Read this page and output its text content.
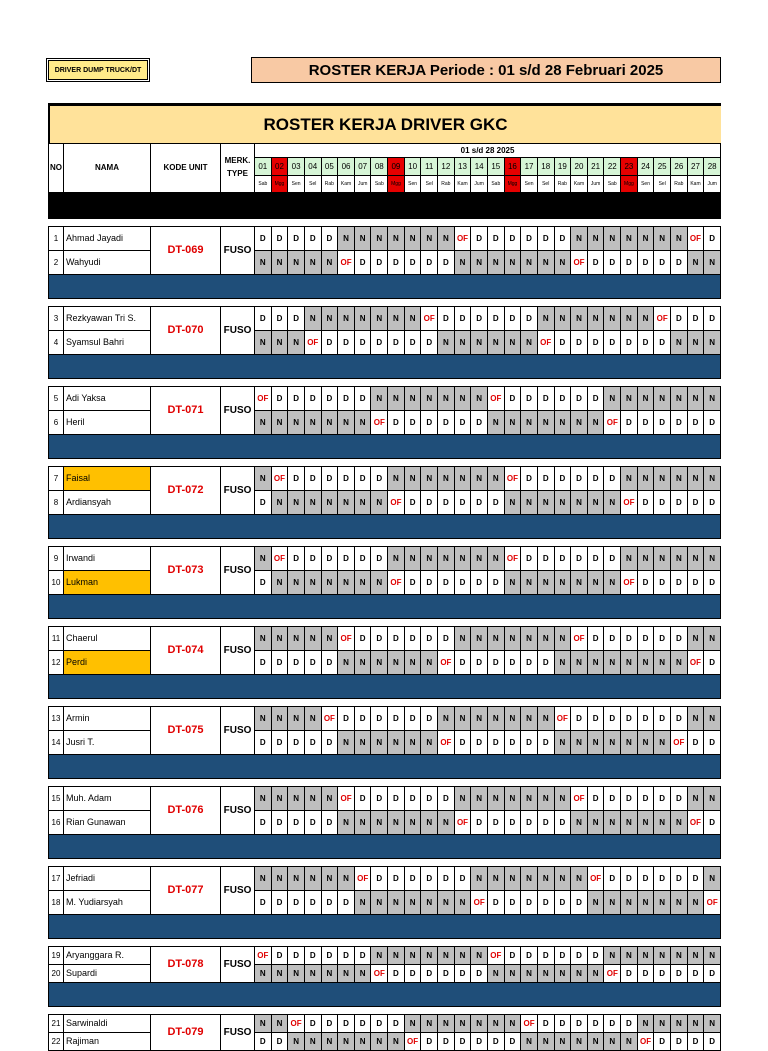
DRIVER DUMP TRUCK/DT	ROSTER KERJA Periode : 01 s/d 28 Februari 2025
ROSTER KERJA DRIVER GKC
NO	NAMA	KODE UNIT	MERK. TYPE	01 s/d 28 2025																											
				01	02	03	04	05	06	07	08	09	10	11	12	13	14	15	16	17	18	19	20	21	22	23	24	25	26	27	28
				Sab	Mgg	Sen	Sel	Rab	Kam	Jum	Sab	Mgg	Sen	Sel	Rab	Kam	Jum	Sab	Mgg	Sen	Sel	Rab	Kam	Jum	Sab	Mgg	Sen	Sel	Rab	Kam	Jum

1	Ahmad Jayadi	DT-069	FUSO	D	D	D	D	D	N	N	N	N	N	N	N	OF	D	D	D	D	D	D	N	N	N	N	N	N	N	OF	D
2	Wahyudi			N	N	N	N	N	OF	D	D	D	D	D	D	N	N	N	N	N	N	N	OF	D	D	D	D	D	D	N	N

3	Rezkyawan Tri S.	DT-070	FUSO	D	D	D	N	N	N	N	N	N	N	OF	D	D	D	D	D	D	N	N	N	N	N	N	N	OF	D	D	D
4	Syamsul Bahri			N	N	N	OF	D	D	D	D	D	D	D	N	N	N	N	N	N	OF	D	D	D	D	D	D	D	N	N	N

5	Adi Yaksa	DT-071	FUSO	OF	D	D	D	D	D	D	N	N	N	N	N	N	N	OF	D	D	D	D	D	D	N	N	N	N	N	N	N
6	Heril			N	N	N	N	N	N	N	OF	D	D	D	D	D	D	N	N	N	N	N	N	N	OF	D	D	D	D	D	D

7	Faisal	DT-072	FUSO	N	OF	D	D	D	D	D	D	N	N	N	N	N	N	N	OF	D	D	D	D	D	D	N	N	N	N	N	N
8	Ardiansyah			D	N	N	N	N	N	N	N	OF	D	D	D	D	D	D	N	N	N	N	N	N	N	OF	D	D	D	D	D

9	Irwandi	DT-073	FUSO	N	OF	D	D	D	D	D	D	N	N	N	N	N	N	N	OF	D	D	D	D	D	D	N	N	N	N	N	N
10	Lukman			D	N	N	N	N	N	N	N	OF	D	D	D	D	D	D	N	N	N	N	N	N	N	OF	D	D	D	D	D

11	Chaerul	DT-074	FUSO	N	N	N	N	N	OF	D	D	D	D	D	D	N	N	N	N	N	N	N	OF	D	D	D	D	D	D	N	N
12	Perdi			D	D	D	D	D	N	N	N	N	N	N	OF	D	D	D	D	D	D	N	N	N	N	N	N	N	N	OF	D

13	Armin	DT-075	FUSO	N	N	N	N	OF	D	D	D	D	D	D	N	N	N	N	N	N	N	OF	D	D	D	D	D	D	D	N	N
14	Jusri T.			D	D	D	D	D	N	N	N	N	N	N	OF	D	D	D	D	D	D	N	N	N	N	N	N	N	OF	D	D

15	Muh. Adam	DT-076	FUSO	N	N	N	N	N	OF	D	D	D	D	D	D	N	N	N	N	N	N	N	OF	D	D	D	D	D	D	N	N
16	Rian Gunawan			D	D	D	D	D	N	N	N	N	N	N	N	OF	D	D	D	D	D	D	N	N	N	N	N	N	N	OF	D

17	Jefriadi	DT-077	FUSO	N	N	N	N	N	N	OF	D	D	D	D	D	D	N	N	N	N	N	N	N	OF	D	D	D	D	D	D	N
18	M. Yudiarsyah			D	D	D	D	D	D	N	N	N	N	N	N	N	OF	D	D	D	D	D	D	N	N	N	N	N	N	N	OF

19	Aryanggara R.	DT-078	FUSO	OF	D	D	D	D	D	D	N	N	N	N	N	N	N	OF	D	D	D	D	D	D	N	N	N	N	N	N	N
20	Supardi			N	N	N	N	N	N	N	OF	D	D	D	D	D	D	N	N	N	N	N	N	N	OF	D	D	D	D	D	D

21	Sarwinaldi	DT-079	FUSO	N	N	OF	D	D	D	D	D	D	N	N	N	N	N	N	N	OF	D	D	D	D	D	D	N	N	N	N	N
22	Rajiman			D	D	N	N	N	N	N	N	N	OF	D	D	D	D	D	D	N	N	N	N	N	N	N	OF	D	D	D	D
